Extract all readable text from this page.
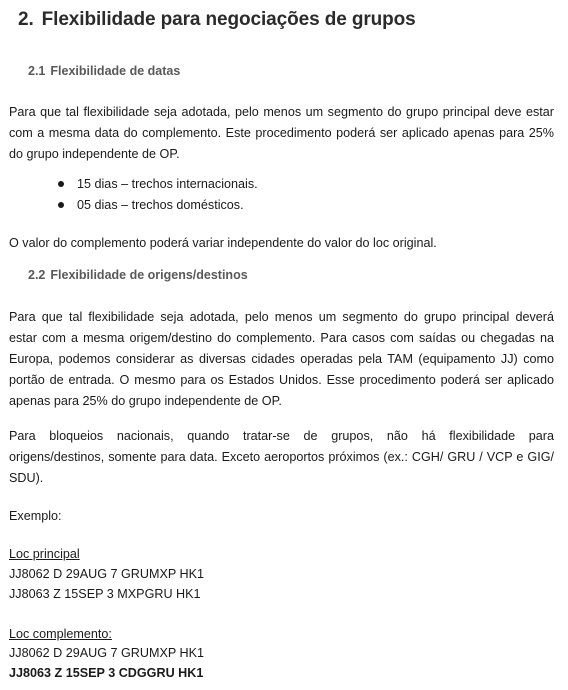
2. Flexibilidade para negociações de grupos
2.1 Flexibilidade de datas
Para que tal flexibilidade seja adotada, pelo menos um segmento do grupo principal deve estar
com a mesma data do complemento. Este procedimento poderá ser aplicado apenas para 25%
do grupo independente de OP.
15 dias – trechos internacionais.
05 dias – trechos domésticos.
O valor do complemento poderá variar independente do valor do loc original.
2.2 Flexibilidade de origens/destinos
Para que tal flexibilidade seja adotada, pelo menos um segmento do grupo principal deverá
estar com a mesma origem/destino do complemento. Para casos com saídas ou chegadas na
Europa, podemos considerar as diversas cidades operadas pela TAM (equipamento JJ) como
portão de entrada. O mesmo para os Estados Unidos. Esse procedimento poderá ser aplicado
apenas para 25% do grupo independente de OP.
Para bloqueios nacionais, quando tratar-se de grupos, não há flexibilidade para
origens/destinos, somente para data. Exceto aeroportos próximos (ex.: CGH/ GRU / VCP e GIG/
SDU).
Exemplo:
Loc principal
JJ8062 D 29AUG 7 GRUMXP HK1
JJ8063 Z 15SEP 3 MXPGRU HK1
Loc complemento:
JJ8062 D 29AUG 7 GRUMXP HK1
JJ8063 Z 15SEP 3 CDGGRU HK1
